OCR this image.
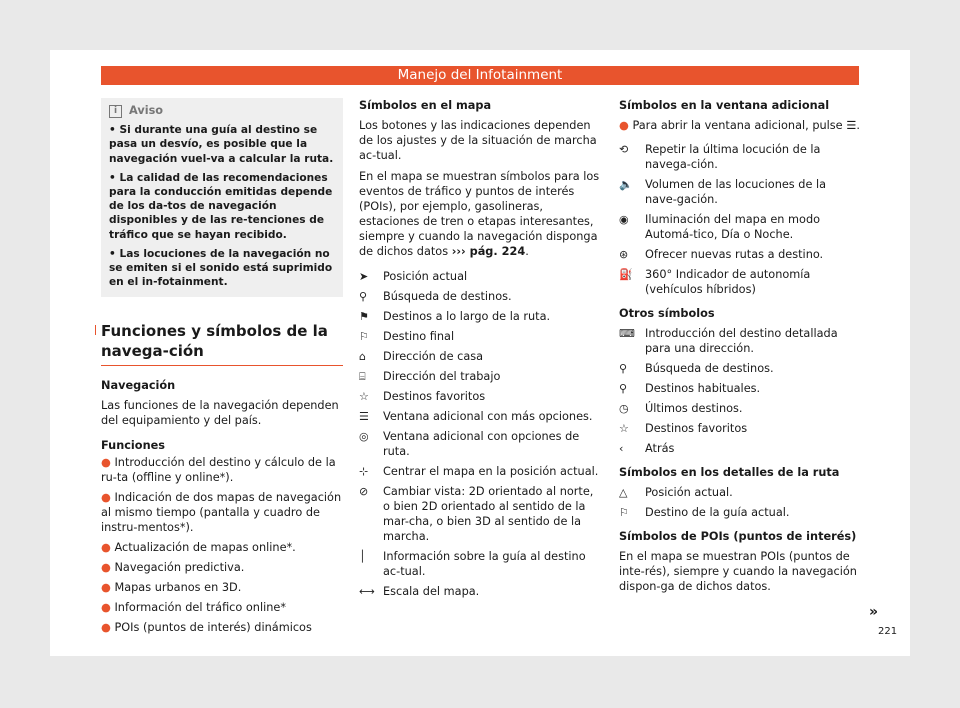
Manejo del Infotainment
i	Aviso

• Si durante una guía al destino se pasa un desvío, es posible que la navegación vuel-va a calcular la ruta.

• La calidad de las recomendaciones para la conducción emitidas depende de los da-tos de navegación disponibles y de las re-tenciones de tráfico que se hayan recibido.

• Las locuciones de la navegación no se emiten si el sonido está suprimido en el in-fotainment.

Funciones y símbolos de la navega-ción
Navegación

Las funciones de la navegación dependen del equipamiento y del país.

Funciones
● Introducción del destino y cálculo de la ru-ta (offline y online*).
● Indicación de dos mapas de navegación al mismo tiempo (pantalla y cuadro de instru-mentos*).
● Actualización de mapas online*.
● Navegación predictiva.
● Mapas urbanos en 3D.
● Información del tráfico online*
● POIs (puntos de interés) dinámicos
Símbolos en el mapa

Los botones y las indicaciones dependen de los ajustes y de la situación de marcha ac-tual.

En el mapa se muestran símbolos para los eventos de tráfico y puntos de interés (POIs), por ejemplo, gasolineras, estaciones de tren o etapas interesantes, siempre y cuando la navegación disponga de dichos datos ››› pág. 224.

➤	Posición actual
⚲	Búsqueda de destinos.
⚑	Destinos a lo largo de la ruta.
⚐	Destino final
⌂	Dirección de casa
⌸	Dirección del trabajo
☆	Destinos favoritos
☰	Ventana adicional con más opciones.
◎	Ventana adicional con opciones de ruta.
⊹	Centrar el mapa en la posición actual.
⊘	Cambiar vista: 2D orientado al norte, o bien 2D orientado al sentido de la mar-cha, o bien 3D al sentido de la marcha.
│	Información sobre la guía al destino ac-tual.
⟷ Escala del mapa.
Símbolos en la ventana adicional
● Para abrir la ventana adicional, pulse ☰.
⟲	Repetir la última locución de la navega-ción.
🔈	Volumen de las locuciones de la nave-gación.
◉	Iluminación del mapa en modo Automá-tico, Día o Noche.
⊛	Ofrecer nuevas rutas a destino.
⛽	360° Indicador de autonomía (vehículos híbridos)
Otros símbolos
⌨ Introducción del destino detallada para una dirección.
⚲	Búsqueda de destinos.
⚲	Destinos habituales.
◷	Últimos destinos.
☆	Destinos favoritos
‹	Atrás
Símbolos en los detalles de la ruta
△	Posición actual.
⚐	Destino de la guía actual.
Símbolos de POIs (puntos de interés)

En el mapa se muestran POIs (puntos de inte-rés), siempre y cuando la navegación dispon-ga de dichos datos.

»
221
